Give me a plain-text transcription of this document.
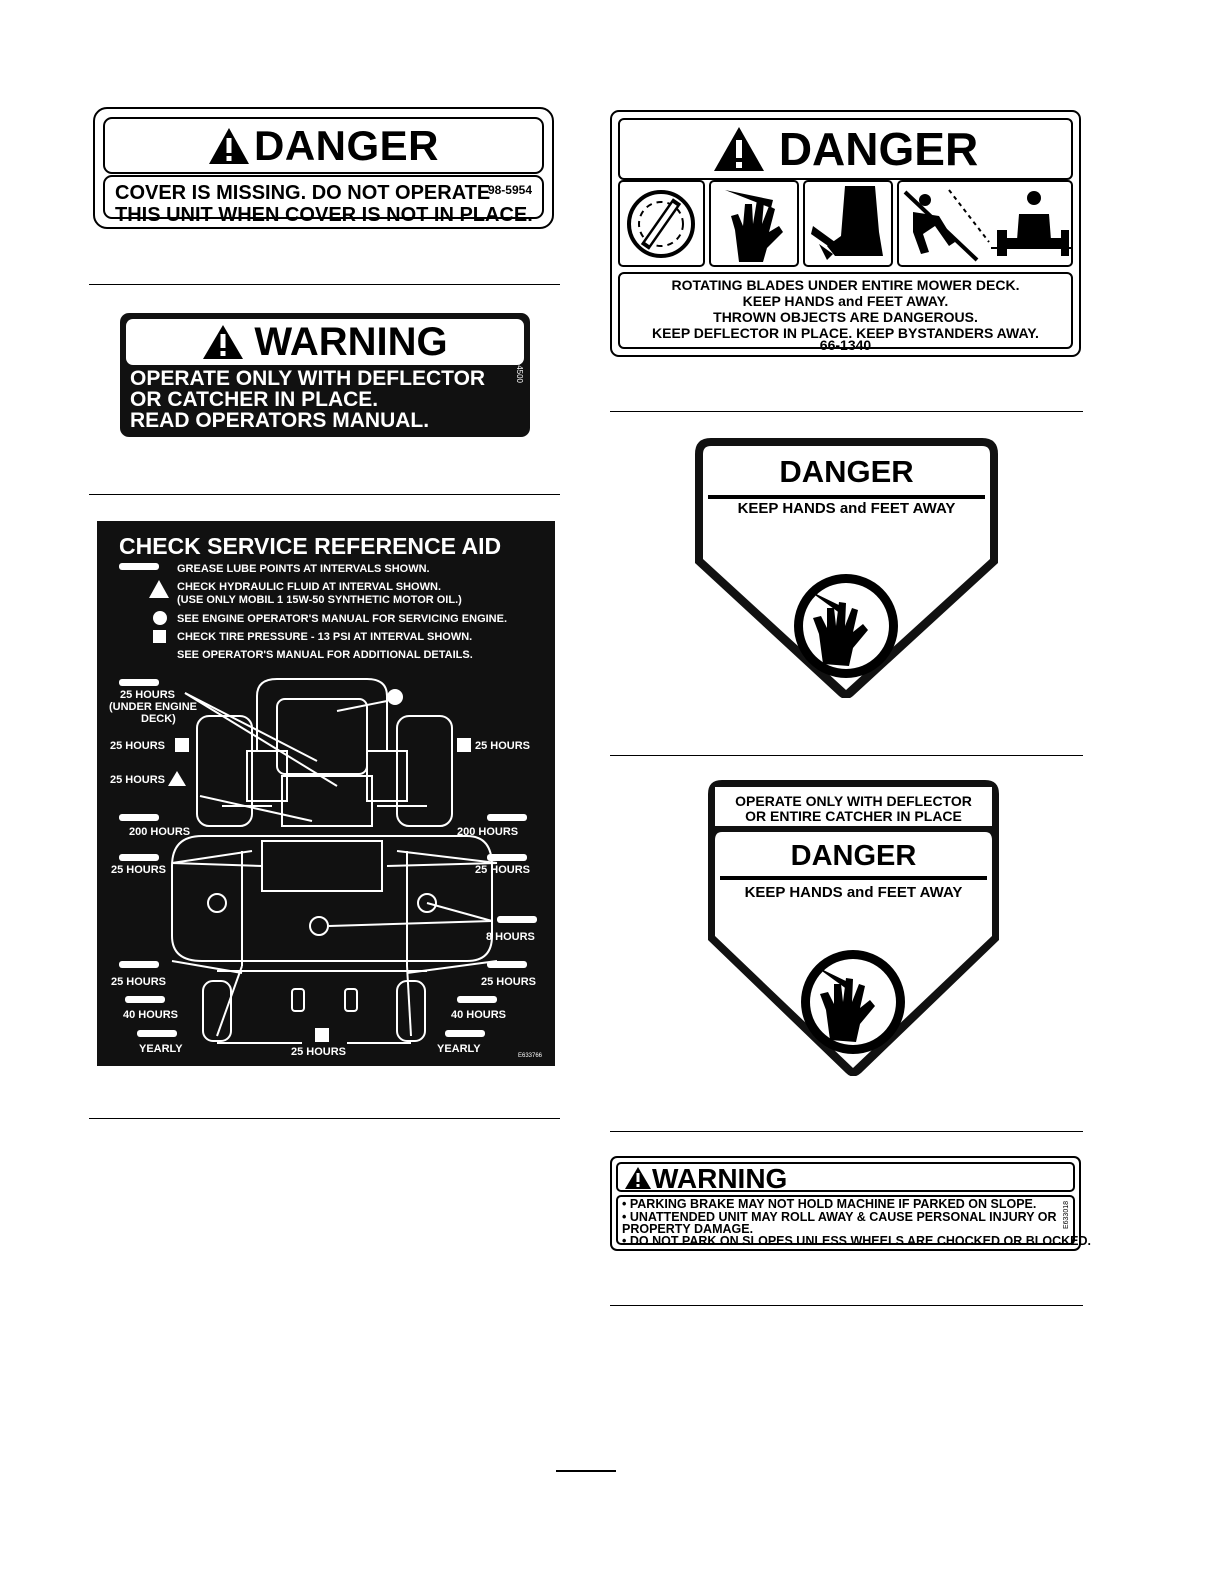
DANGER
COVER IS MISSING. DO NOT OPERATE
98-5954
THIS UNIT WHEN COVER IS NOT IN PLACE.
WARNING
OPERATE ONLY WITH DEFLECTOR
OR CATCHER IN PLACE.
READ OPERATORS MANUAL.
106-4500
CHECK SERVICE REFERENCE AID
GREASE LUBE POINTS AT INTERVALS SHOWN.
CHECK HYDRAULIC FLUID AT INTERVAL SHOWN.
(USE ONLY MOBIL 1 15W-50 SYNTHETIC MOTOR OIL.)
SEE ENGINE OPERATOR'S MANUAL FOR SERVICING ENGINE.
CHECK TIRE PRESSURE - 13 PSI AT INTERVAL SHOWN.
SEE OPERATOR'S MANUAL FOR ADDITIONAL DETAILS.
25 HOURS
(UNDER ENGINE
DECK)
25 HOURS	25 HOURS
25 HOURS
200 HOURS	200 HOURS
25 HOURS	25 HOURS
8 HOURS
25 HOURS	25 HOURS
40 HOURS	40 HOURS
YEARLY	YEARLY
25 HOURS	E633766
DANGER
ROTATING BLADES UNDER ENTIRE MOWER DECK.
KEEP HANDS and FEET AWAY.
THROWN OBJECTS ARE DANGEROUS.
KEEP DEFLECTOR IN PLACE. KEEP BYSTANDERS AWAY.
66-1340
DANGER
KEEP HANDS and FEET AWAY
OPERATE ONLY WITH DEFLECTOR
OR ENTIRE CATCHER IN PLACE
DANGER
KEEP HANDS and FEET AWAY
WARNING
• PARKING BRAKE MAY NOT HOLD MACHINE IF PARKED ON SLOPE.
• UNATTENDED UNIT MAY ROLL AWAY & CAUSE PERSONAL INJURY OR
PROPERTY DAMAGE.
• DO NOT PARK ON SLOPES UNLESS WHEELS ARE CHOCKED OR BLOCKED.
E633018
